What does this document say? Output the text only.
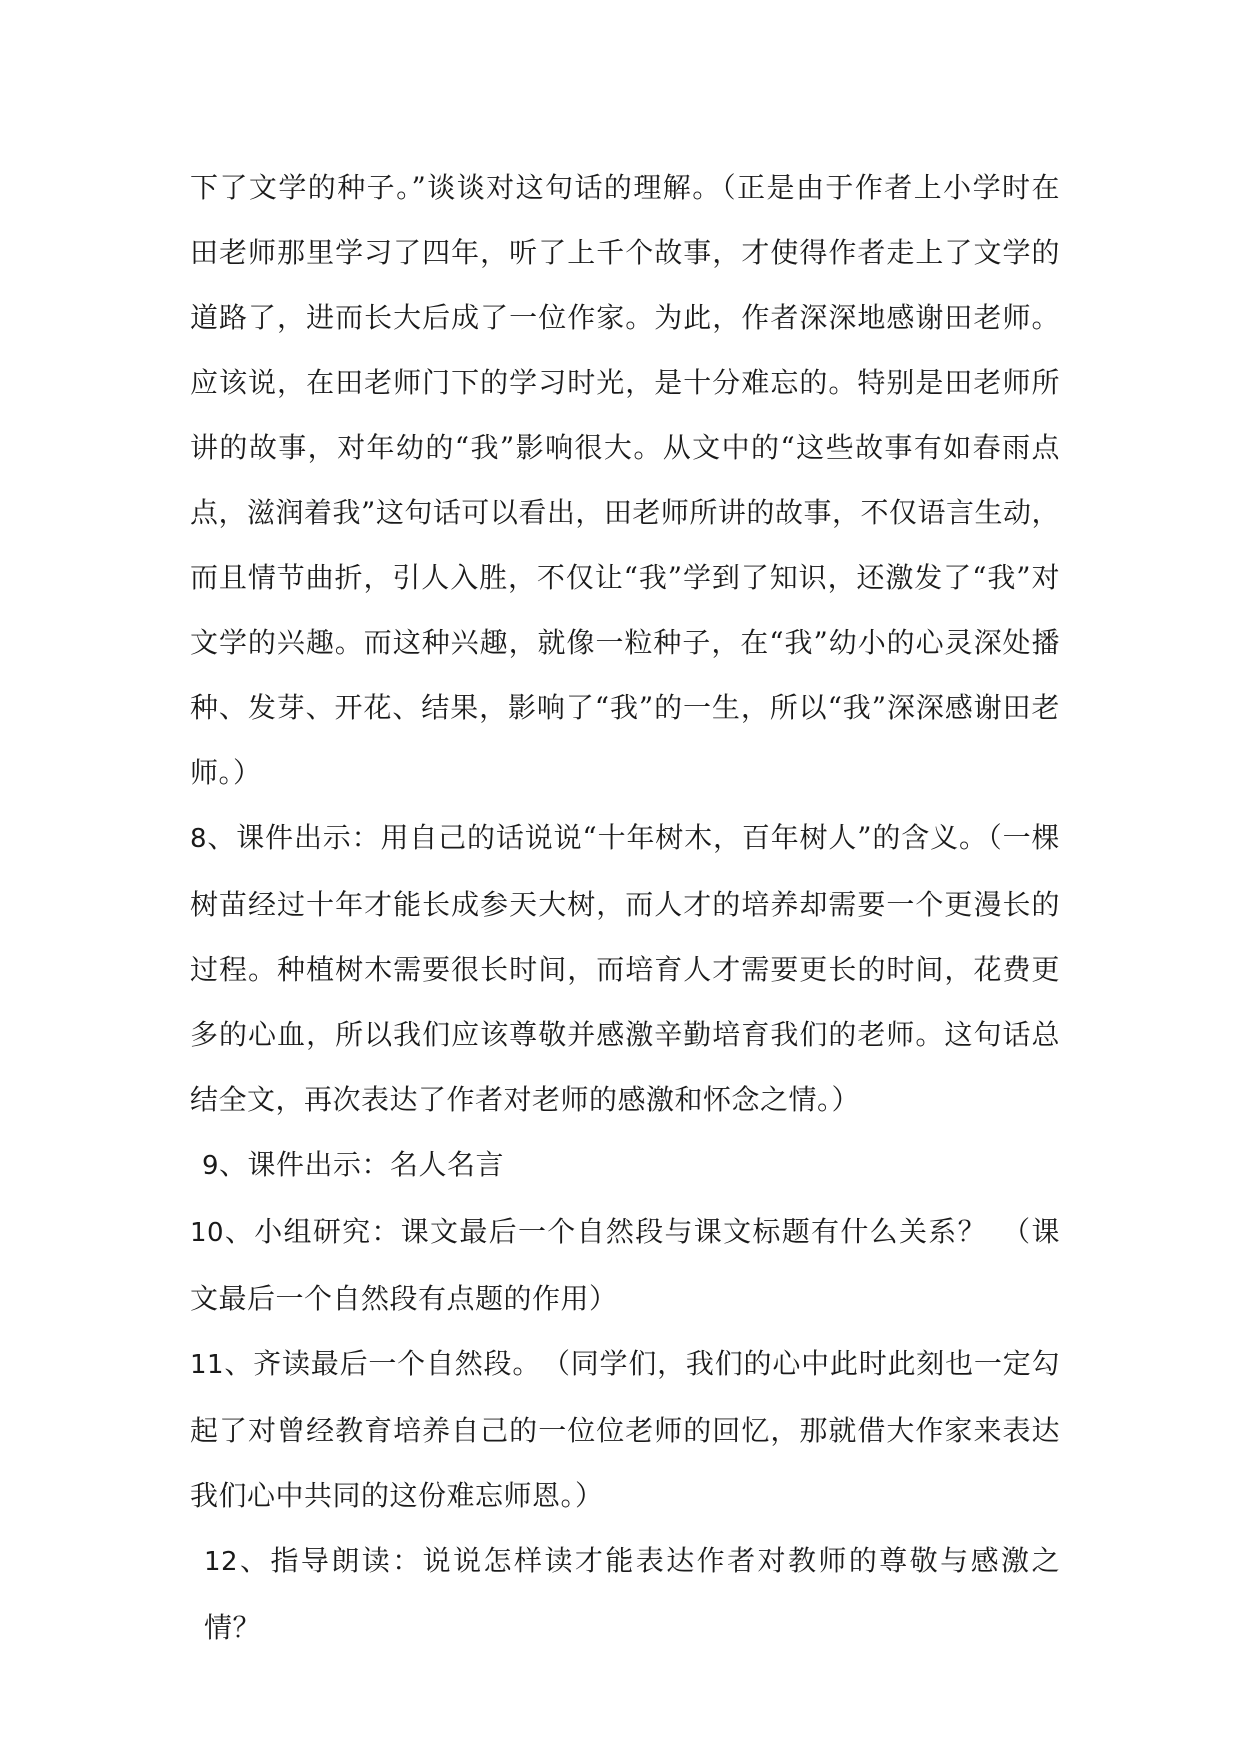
下了文学的种子。”谈谈对这句话的理解。（正是由于作者上小学时在田老师那里学习了四年，听了上千个故事，才使得作者走上了文学的道路了，进而长大后成了一位作家。为此，作者深深地感谢田老师。应该说，在田老师门下的学习时光，是十分难忘的。特别是田老师所讲的故事，对年幼的“我”影响很大。从文中的“这些故事有如春雨点点，滋润着我”这句话可以看出，田老师所讲的故事，不仅语言生动，而且情节曲折，引人入胜，不仅让“我”学到了知识，还激发了“我”对文学的兴趣。而这种兴趣，就像一粒种子，在“我”幼小的心灵深处播种、发芽、开花、结果，影响了“我”的一生，所以“我”深深感谢田老师。）

8、课件出示：用自己的话说说“十年树木，百年树人”的含义。（一棵树苗经过十年才能长成参天大树，而人才的培养却需要一个更漫长的过程。种植树木需要很长时间，而培育人才需要更长的时间，花费更多的心血，所以我们应该尊敬并感激辛勤培育我们的老师。这句话总结全文，再次表达了作者对老师的感激和怀念之情。）

9、课件出示：名人名言

10、小组研究：课文最后一个自然段与课文标题有什么关系？　（课文最后一个自然段有点题的作用）

11、齐读最后一个自然段。　（同学们，我们的心中此时此刻也一定勾起了对曾经教育培养自己的一位位老师的回忆，那就借大作家来表达我们心中共同的这份难忘师恩。）

12、指导朗读：说说怎样读才能表达作者对教师的尊敬与感激之情？
